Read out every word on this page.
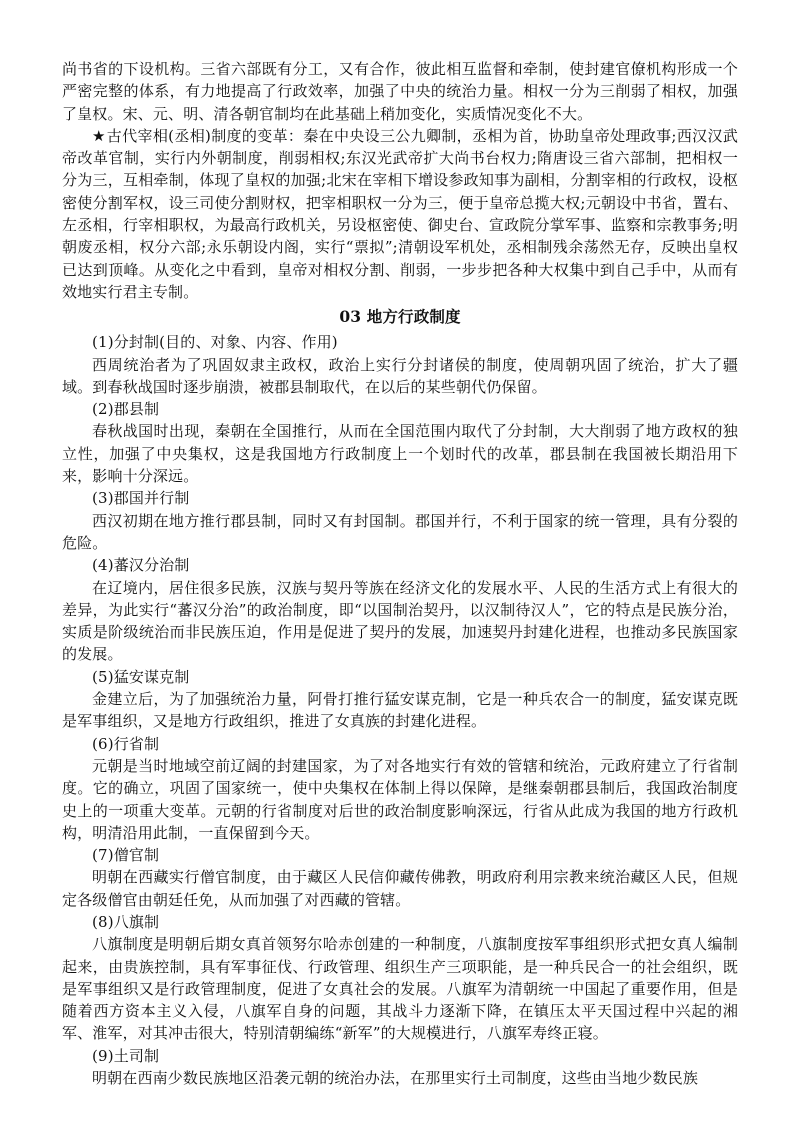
尚书省的下设机构。三省六部既有分工，又有合作，彼此相互监督和牵制，使封建官僚机构形成一个严密完整的体系，有力地提高了行政效率，加强了中央的统治力量。相权一分为三削弱了相权，加强了皇权。宋、元、明、清各朝官制均在此基础上稍加变化，实质情况变化不大。

★古代宰相(丞相)制度的变革：秦在中央设三公九卿制，丞相为首，协助皇帝处理政事;西汉汉武帝改革官制，实行内外朝制度，削弱相权;东汉光武帝扩大尚书台权力;隋唐设三省六部制，把相权一分为三，互相牵制，体现了皇权的加强;北宋在宰相下增设参政知事为副相，分割宰相的行政权，设枢密使分割军权，设三司使分割财权，把宰相职权一分为三，便于皇帝总揽大权;元朝设中书省，置右、左丞相，行宰相职权，为最高行政机关，另设枢密使、御史台、宣政院分掌军事、监察和宗教事务;明朝废丞相，权分六部;永乐朝设内阁，实行“票拟”;清朝设军机处，丞相制残余荡然无存，反映出皇权已达到顶峰。从变化之中看到，皇帝对相权分割、削弱，一步步把各种大权集中到自己手中，从而有效地实行君主专制。

03 地方行政制度

(1)分封制(目的、对象、内容、作用)

西周统治者为了巩固奴隶主政权，政治上实行分封诸侯的制度，使周朝巩固了统治，扩大了疆域。到春秋战国时逐步崩溃，被郡县制取代，在以后的某些朝代仍保留。

(2)郡县制

春秋战国时出现，秦朝在全国推行，从而在全国范围内取代了分封制，大大削弱了地方政权的独立性，加强了中央集权，这是我国地方行政制度上一个划时代的改革，郡县制在我国被长期沿用下来，影响十分深远。

(3)郡国并行制

西汉初期在地方推行郡县制，同时又有封国制。郡国并行，不利于国家的统一管理，具有分裂的危险。

(4)蕃汉分治制

在辽境内，居住很多民族，汉族与契丹等族在经济文化的发展水平、人民的生活方式上有很大的差异，为此实行“蕃汉分治”的政治制度，即“以国制治契丹，以汉制待汉人”，它的特点是民族分治，实质是阶级统治而非民族压迫，作用是促进了契丹的发展，加速契丹封建化进程，也推动多民族国家的发展。

(5)猛安谋克制

金建立后，为了加强统治力量，阿骨打推行猛安谋克制，它是一种兵农合一的制度，猛安谋克既是军事组织，又是地方行政组织，推进了女真族的封建化进程。

(6)行省制

元朝是当时地域空前辽阔的封建国家，为了对各地实行有效的管辖和统治，元政府建立了行省制度。它的确立，巩固了国家统一，使中央集权在体制上得以保障，是继秦朝郡县制后，我国政治制度史上的一项重大变革。元朝的行省制度对后世的政治制度影响深远，行省从此成为我国的地方行政机构，明清沿用此制，一直保留到今天。

(7)僧官制

明朝在西藏实行僧官制度，由于藏区人民信仰藏传佛教，明政府利用宗教来统治藏区人民，但规定各级僧官由朝廷任免，从而加强了对西藏的管辖。

(8)八旗制

八旗制度是明朝后期女真首领努尔哈赤创建的一种制度，八旗制度按军事组织形式把女真人编制起来，由贵族控制，具有军事征伐、行政管理、组织生产三项职能，是一种兵民合一的社会组织，既是军事组织又是行政管理制度，促进了女真社会的发展。八旗军为清朝统一中国起了重要作用，但是随着西方资本主义入侵，八旗军自身的问题，其战斗力逐渐下降，在镇压太平天国过程中兴起的湘军、淮军，对其冲击很大，特别清朝编练“新军”的大规模进行，八旗军寿终正寝。

(9)土司制

明朝在西南少数民族地区沿袭元朝的统治办法，在那里实行土司制度，这些由当地少数民族
